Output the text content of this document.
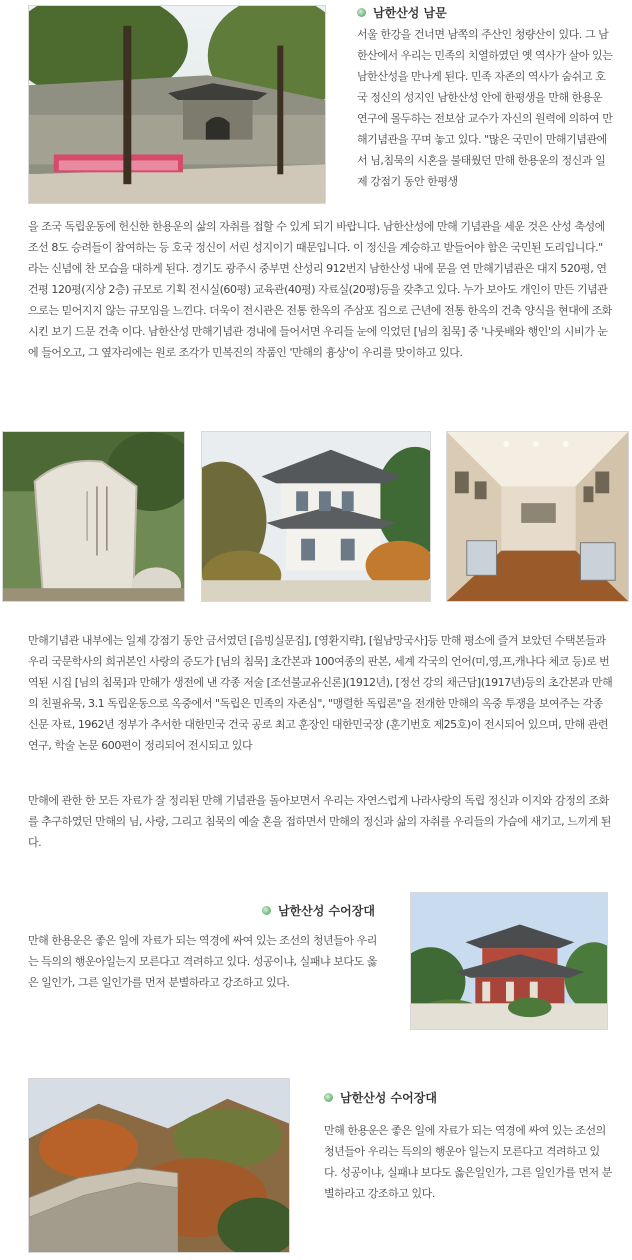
남한산성 남문

서울 한강을 건너면 남쪽의 주산인 청량산이 있다. 그 남한산에서 우리는 민족의 치열하였던 옛 역사가 살아 있는 남한산성을 만나게 된다. 민족 자존의 역사가 숨쉬고 호국 정신의 성지인 남한산성 안에 한평생을 만해 한용운 연구에 몰두하는 전보삼 교수가 자신의 원력에 의하여 만해기념관을 꾸며 놓고 있다. "많은 국민이 만해기념관에서 님,침묵의 시혼을 불태웠던 만해 한용운의 정신과 일제 강점기 동안 한평생

을 조국 독립운동에 헌신한 한용운의 삶의 자취를 접할 수 있게 되기 바랍니다. 남한산성에 만해 기념관을 세운 것은 산성 축성에 조선 8도 승려들이 참여하는 등 호국 정신이 서린 성지이기 때문입니다. 이 정신을 계승하고 받들어야 함은 국민된 도리입니다." 라는 신념에 찬 모습을 대하게 된다. 경기도 광주시 중부면 산성리 912번지 남한산성 내에 문을 연 만해기념관은 대지 520평, 연건평 120평(지상 2층) 규모로 기획 전시실(60평) 교육관(40평) 자료실(20평)등을 갖추고 있다. 누가 보아도 개인이 만든 기념관으로는 믿어지지 않는 규모임을 느낀다. 더욱이 전시관은 전통 한옥의 주삼포 집으로 근년에 전통 한옥의 건축 양식을 현대에 조화시킨 보기 드문 건축 이다. 남한산성 만해기념관 경내에 들어서면 우리들 눈에 익었던 [님의 침묵] 중 '나룻배와 행인'의 시비가 눈에 들어오고, 그 옆자리에는 원로 조각가 민복진의 작품인 '만해의 흉상'이 우리를 맞이하고 있다.

만해기념관 내부에는 일제 강점기 동안 금서였던 [음빙실문집], [영환지략], [월남망국사]등 만해 평소에 즐겨 보았던 수택본들과 우리 국문학사의 희귀본인 사랑의 증도가 [님의 침묵] 초간본과 100여종의 판본, 세계 각국의 언어(미,영,프,캐나다 체코 등)로 번역된 시집 [님의 침묵]과 만해가 생전에 낸 각종 저술 [조선불교유신론](1912년), [정선 강의 채근담](1917년)등의 초간본과 만해의 친필유묵, 3.1 독립운동으로 옥중에서 "독립은 민족의 자존심", "맹렬한 독립론"을 전개한 만해의 옥중 투쟁을 보여주는 각종 신문 자료, 1962년 정부가 추서한 대한민국 건국 공로 최고 훈장인 대한민국장 (훈기번호 제25호)이 전시되어 있으며, 만해 관련 연구, 학술 논문 600편이 정리되어 전시되고 있다

만해에 관한 한 모든 자료가 잘 정리된 만해 기념관을 돌아보면서 우리는 자연스럽게 나라사랑의 독립 정신과 이지와 감정의 조화를 추구하였던 만해의 님, 사랑, 그리고 침묵의 예술 혼을 접하면서 만해의 정신과 삶의 자취를 우리들의 가슴에 새기고, 느끼게 된다.

남한산성 수어장대

만해 한용운은 좋은 일에 자료가 되는 역경에 싸여 있는 조선의 청년들아 우리는 득의의 행운아일는지 모른다고 격려하고 있다. 성공이냐, 실패냐 보다도 옳은 일인가, 그른 일인가를 먼저 분별하라고 강조하고 있다.

남한산성 수어장대

만해 한용운은 좋은 일에 자료가 되는 역경에 싸여 있는 조선의 청년들아 우리는 득의의 행운아 일는지 모른다고 격려하고 있다. 성공이냐, 실패냐 보다도 옳은일인가, 그른 일인가를 먼저 분별하라고 강조하고 있다.
